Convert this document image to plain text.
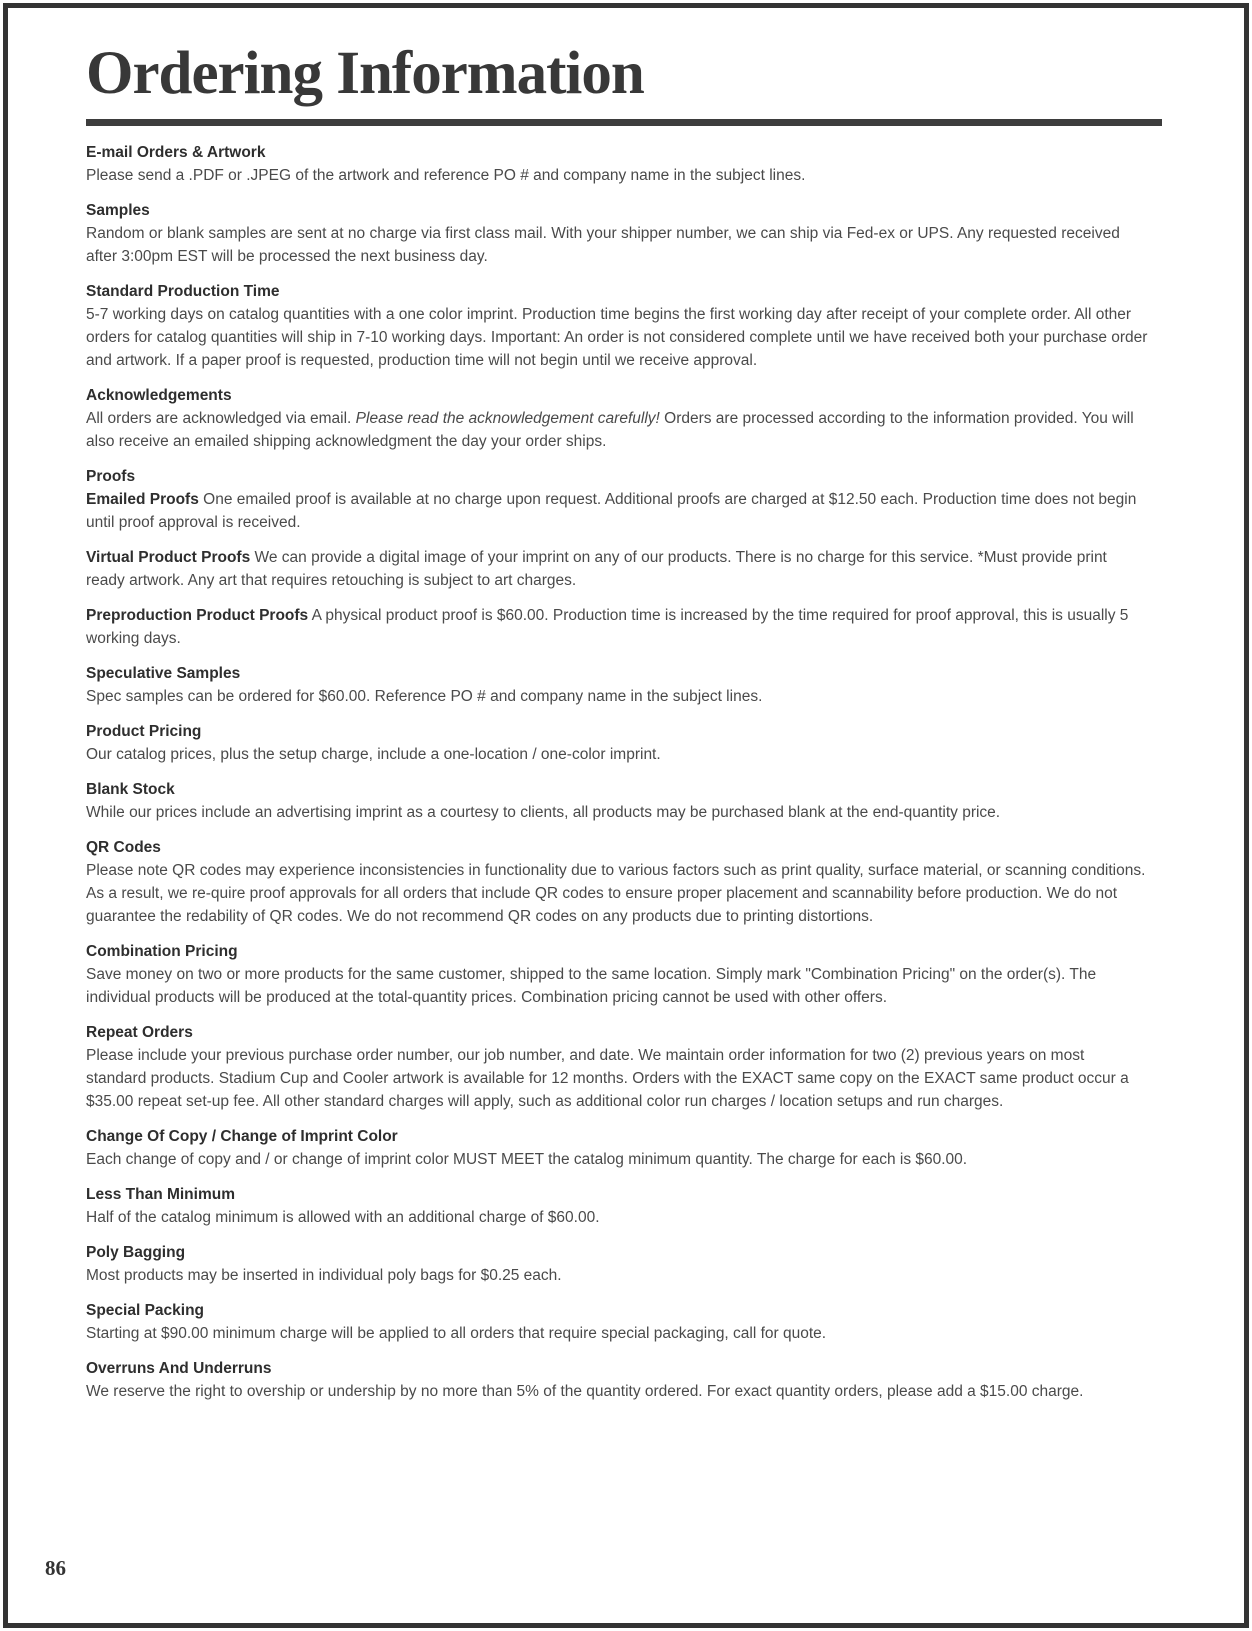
Ordering Information
E-mail Orders & Artwork

Please send a .PDF or .JPEG of the artwork and reference PO # and company name in the subject lines.

Samples

Random or blank samples are sent at no charge via first class mail. With your shipper number, we can ship via Fed-ex or UPS. Any requested received after 3:00pm EST will be processed the next business day.

Standard Production Time

5-7 working days on catalog quantities with a one color imprint. Production time begins the first working day after receipt of your complete order. All other orders for catalog quantities will ship in 7-10 working days. Important: An order is not considered complete until we have received both your purchase order and artwork. If a paper proof is requested, production time will not begin until we receive approval.

Acknowledgements

All orders are acknowledged via email. Please read the acknowledgement carefully! Orders are processed according to the information provided. You will also receive an emailed shipping acknowledgment the day your order ships.

Proofs

Emailed Proofs One emailed proof is available at no charge upon request. Additional proofs are charged at $12.50 each. Production time does not begin until proof approval is received.

Virtual Product Proofs We can provide a digital image of your imprint on any of our products. There is no charge for this service. *Must provide print ready artwork. Any art that requires retouching is subject to art charges.

Preproduction Product Proofs A physical product proof is $60.00. Production time is increased by the time required for proof approval, this is usually 5 working days.

Speculative Samples

Spec samples can be ordered for $60.00. Reference PO # and company name in the subject lines.

Product Pricing

Our catalog prices, plus the setup charge, include a one-location / one-color imprint.

Blank Stock

While our prices include an advertising imprint as a courtesy to clients, all products may be purchased blank at the end-quantity price.

QR Codes

Please note QR codes may experience inconsistencies in functionality due to various factors such as print quality, surface material, or scanning conditions. As a result, we re-quire proof approvals for all orders that include QR codes to ensure proper placement and scannability before production. We do not guarantee the redability of QR codes. We do not recommend QR codes on any products due to printing distortions.

Combination Pricing

Save money on two or more products for the same customer, shipped to the same location. Simply mark "Combination Pricing" on the order(s). The individual products will be produced at the total-quantity prices. Combination pricing cannot be used with other offers.

Repeat Orders

Please include your previous purchase order number, our job number, and date. We maintain order information for two (2) previous years on most standard products. Stadium Cup and Cooler artwork is available for 12 months. Orders with the EXACT same copy on the EXACT same product occur a $35.00 repeat set-up fee. All other standard charges will apply, such as additional color run charges / location setups and run charges.

Change Of Copy / Change of Imprint Color

Each change of copy and / or change of imprint color MUST MEET the catalog minimum quantity. The charge for each is $60.00.

Less Than Minimum

Half of the catalog minimum is allowed with an additional charge of $60.00.

Poly Bagging

Most products may be inserted in individual poly bags for $0.25 each.

Special Packing

Starting at $90.00 minimum charge will be applied to all orders that require special packaging, call for quote.

Overruns And Underruns

We reserve the right to overship or undership by no more than 5% of the quantity ordered. For exact quantity orders, please add a $15.00 charge.

86
